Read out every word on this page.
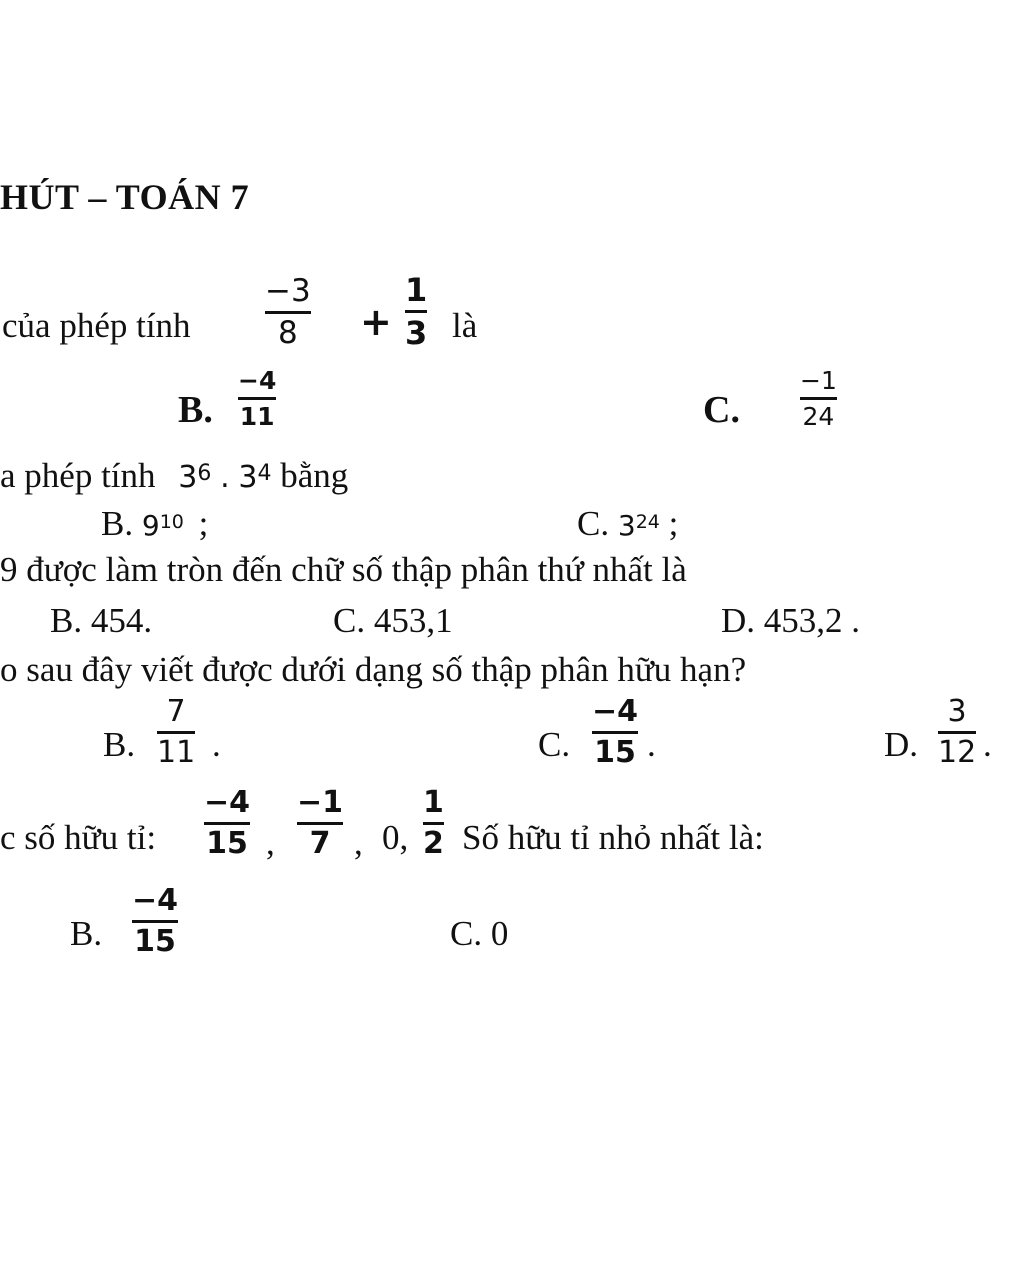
HÚT – TOÁN 7
của phép tính
−3
8 +
1
3 là
B.
−4
11	C.
−1
24
a phép tính $3^6$ . $3^4$ bằng
B. $9^{10}$ ;	C. $3^{24}$ ;
9 được làm tròn đến chữ số thập phân thứ nhất là
B. 454.	C. 453,1	D. 453,2 .
o sau đây viết được dưới dạng số thập phân hữu hạn?
B.
7
11 .	C.
−4
15 .	D.
3
12 .
c số hữu tỉ:
−4
15 ,
−1
7 , 0,
1
2 Số hữu tỉ nhỏ nhất là:
B.
−4
15	C. 0
